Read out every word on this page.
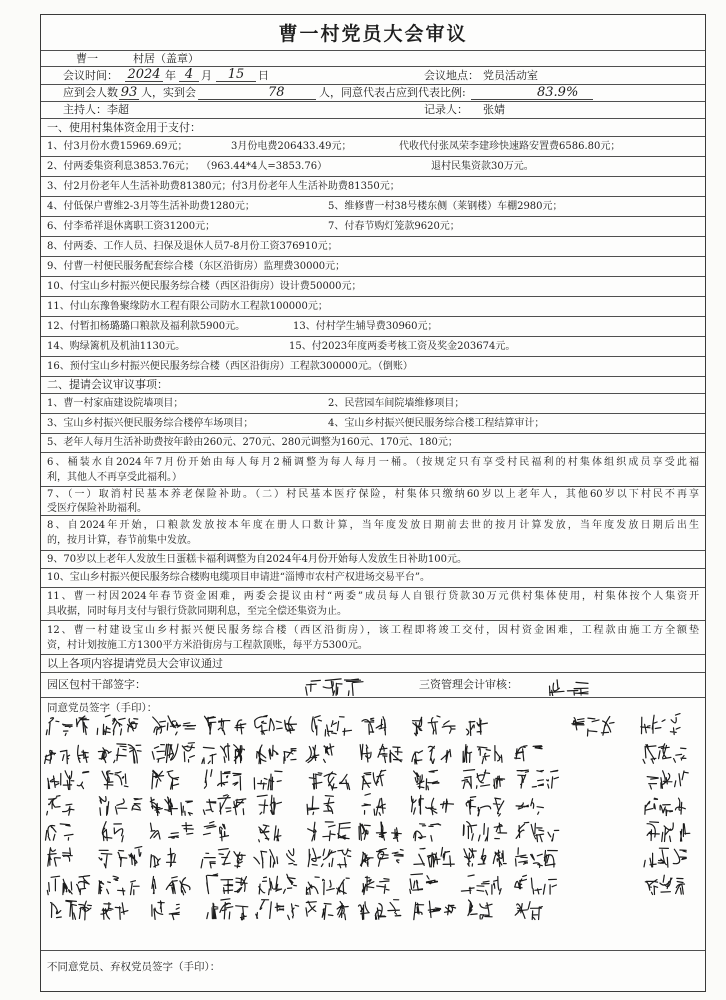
曹一村党员大会审议
曹一	村居（盖章）
会议时间： 2024 年 4 月	15	日	会议地点： 党员活动室
应到会人数 93 人，实到会	78	人，同意代表占应到代表比例:	83.9%
主持人： 李超	记录人： 张婧
一、使用村集体资金用于支付：
1、付3月份水费15969.69元；	3月份电费206433.49元；	代收代付张凤荣李建珍快速路安置费6586.80元；
2、付两委集资利息3853.76元； （963.44*4人=3853.76）	退村民集资款30万元。
3、付2月份老年人生活补助费81380元；付3月份老年人生活补助费81350元；
4、付低保户曹维2-3月等生活补助费1280元；	5、维修曹一村38号楼东侧（莱钢楼）车棚2980元；
6、付李希祥退休离职工资31200元；	7、付春节购灯笼款9620元；
8、付两委、工作人员、扫保及退休人员7-8月份工资376910元；
9、付曹一村便民服务配套综合楼（东区沿街房）监理费30000元；
10、付宝山乡村振兴便民服务综合楼（西区沿街房）设计费50000元；
11、付山东豫鲁聚缘防水工程有限公司防水工程款100000元；
12、付暂扣杨璐璐口粮款及福利款5900元。	13、付村学生辅导费30960元；
14、购绿篱机及机油1130元。	15、付2023年度两委考核工资及奖金203674元。
16、预付宝山乡村振兴便民服务综合楼（西区沿街房）工程款300000元。（倒账）
二、提请会议审议事项：
1、曹一村家庙建设院墙项目；	2、民营园车间院墙维修项目；
3、宝山乡村振兴便民服务综合楼停车场项目；	4、宝山乡村振兴便民服务综合楼工程结算审计；
5、老年人每月生活补助费按年龄由260元、270元、280元调整为160元、170元、180元；
6、桶装水自2024年7月份开始由每人每月2桶调整为每人每月一桶。（按规定只有享受村民福利的村集体组织成员享受此福
利，其他人不再享受此福利。）
7、（一）取消村民基本养老保险补助。（二）村民基本医疗保险，村集体只缴纳60岁以上老年人，其他60岁以下村民不再享
受医疗保险补助福利。
8、自2024年开始，口粮款发放按本年度在册人口数计算，当年度发放日期前去世的按月计算发放，当年度发放日期后出生
的，按月计算，春节前集中发放。
9、70岁以上老年人发放生日蛋糕卡福利调整为自2024年4月份开始每人发放生日补助100元。
10、宝山乡村振兴便民服务综合楼购电缆项目申请进“淄博市农村产权进场交易平台”。
11、曹一村因2024年春节资金困难，两委会提议由村“两委”成员每人自银行贷款30万元供村集体使用，村集体按个人集资开
具收据，同时每月支付与银行贷款同期利息，至完全偿还集资为止。
12、曹一村建设宝山乡村振兴便民服务综合楼（西区沿街房），该工程即将竣工交付，因村资金困难，工程款由施工方全额垫
资，村计划按施工方1300平方米沿街房与工程款顶账，每平方5300元。
以上各项内容提请党员大会审议通过
园区包村干部签字：	三资管理会计审核：
同意党员签字（手印）：
不同意党员、弃权党员签字（手印）：
